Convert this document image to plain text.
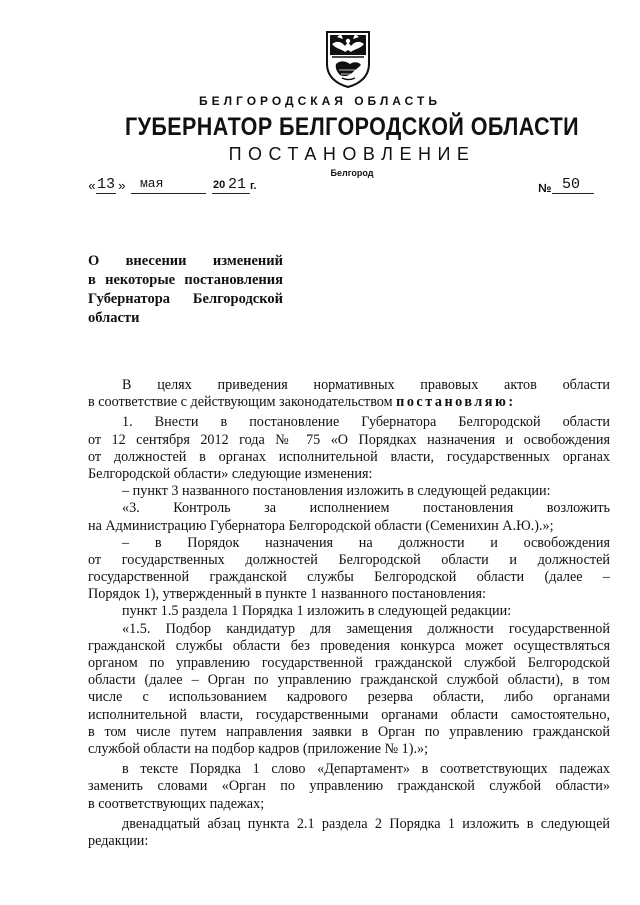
БЕЛГОРОДСКАЯ ОБЛАСТЬ
ГУБЕРНАТОР БЕЛГОРОДСКОЙ ОБЛАСТИ
ПОСТАНОВЛЕНИЕ
Белгород
« 13 » мая	20 21 г.	№ 50
О внесении изменений
в некоторые постановления
Губернатора Белгородской
области
В целях приведения нормативных правовых актов области
в соответствие с действующим законодательством постановляю:
1. Внести в постановление Губернатора Белгородской области
от 12 сентября 2012 года № 75 «О Порядках назначения и освобождения
от должностей в органах исполнительной власти, государственных органах
Белгородской области» следующие изменения:
– пункт 3 названного постановления изложить в следующей редакции:
«3. Контроль за исполнением постановления возложить
на Администрацию Губернатора Белгородской области (Семенихин А.Ю.).»;
– в Порядок назначения на должности и освобождения
от государственных должностей Белгородской области и должностей
государственной гражданской службы Белгородской области (далее –
Порядок 1), утвержденный в пункте 1 названного постановления:
пункт 1.5 раздела 1 Порядка 1 изложить в следующей редакции:
«1.5. Подбор кандидатур для замещения должности государственной
гражданской службы области без проведения конкурса может осуществляться
органом по управлению государственной гражданской службой Белгородской
области (далее – Орган по управлению гражданской службой области), в том
числе с использованием кадрового резерва области, либо органами
исполнительной власти, государственными органами области самостоятельно,
в том числе путем направления заявки в Орган по управлению гражданской
службой области на подбор кадров (приложение № 1).»;
в тексте Порядка 1 слово «Департамент» в соответствующих падежах
заменить словами «Орган по управлению гражданской службой области»
в соответствующих падежах;
двенадцатый абзац пункта 2.1 раздела 2 Порядка 1 изложить в следующей
редакции:
